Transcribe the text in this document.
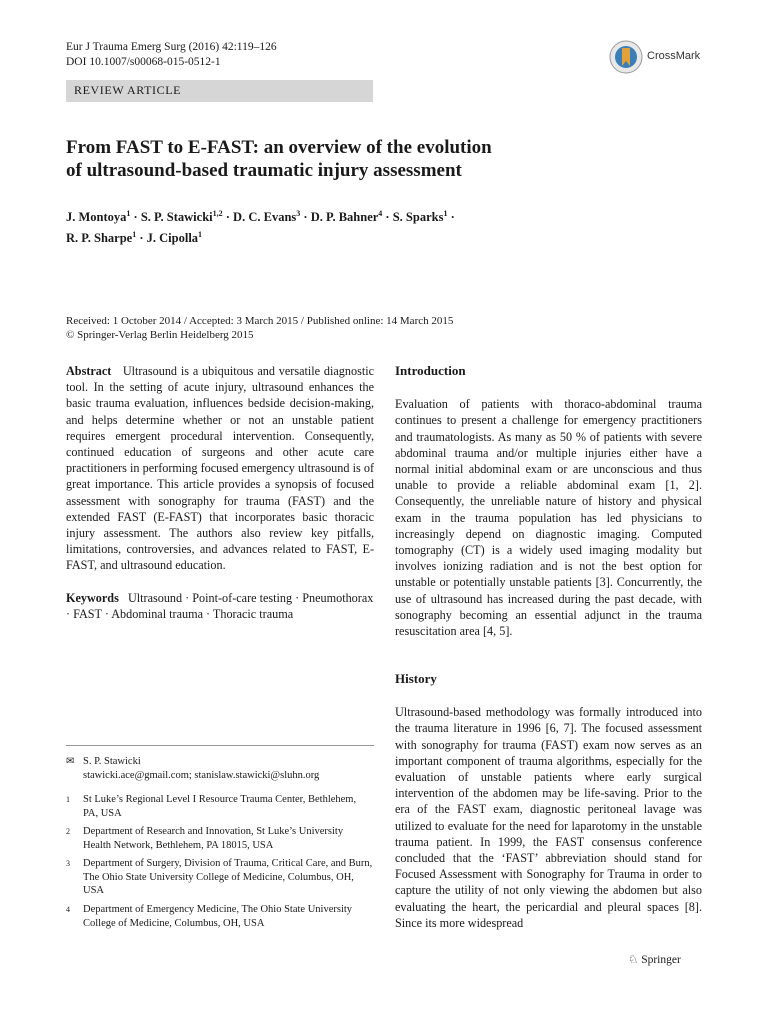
Eur J Trauma Emerg Surg (2016) 42:119–126
DOI 10.1007/s00068-015-0512-1	CrossMark
REVIEW ARTICLE
From FAST to E-FAST: an overview of the evolution
of ultrasound-based traumatic injury assessment
J. Montoya$^1$ · S. P. Stawicki$^{1,2}$ · D. C. Evans$^3$ · D. P. Bahner$^4$ · S. Sparks$^1$ ·
R. P. Sharpe$^1$ · J. Cipolla$^1$
Received: 1 October 2014 / Accepted: 3 March 2015 / Published online: 14 March 2015
© Springer-Verlag Berlin Heidelberg 2015

Abstract Ultrasound is a ubiquitous and versatile diagnostic tool. In the setting of acute injury, ultrasound enhances the basic trauma evaluation, influences bedside decision-making, and helps determine whether or not an unstable patient requires emergent procedural intervention. Consequently, continued education of surgeons and other acute care practitioners in performing focused emergency ultrasound is of great importance. This article provides a synopsis of focused assessment with sonography for trauma (FAST) and the extended FAST (E-FAST) that incorporates basic thoracic injury assessment. The authors also review key pitfalls, limitations, controversies, and advances related to FAST, E-FAST, and ultrasound education.

Keywords Ultrasound · Point-of-care testing · Pneumothorax · FAST · Abdominal trauma · Thoracic trauma

✉ S. P. Stawicki
stawicki.ace@gmail.com; stanislaw.stawicki@sluhn.org
1 St Luke’s Regional Level I Resource Trauma Center, Bethlehem, PA, USA
2 Department of Research and Innovation, St Luke’s University Health Network, Bethlehem, PA 18015, USA
3 Department of Surgery, Division of Trauma, Critical Care, and Burn, The Ohio State University College of Medicine, Columbus, OH, USA
4 Department of Emergency Medicine, The Ohio State University College of Medicine, Columbus, OH, USA
Introduction

Evaluation of patients with thoraco-abdominal trauma continues to present a challenge for emergency practitioners and traumatologists. As many as 50 % of patients with severe abdominal trauma and/or multiple injuries either have a normal initial abdominal exam or are unconscious and thus unable to provide a reliable abdominal exam [1, 2]. Consequently, the unreliable nature of history and physical exam in the trauma population has led physicians to increasingly depend on diagnostic imaging. Computed tomography (CT) is a widely used imaging modality but involves ionizing radiation and is not the best option for unstable or potentially unstable patients [3]. Concurrently, the use of ultrasound has increased during the past decade, with sonography becoming an essential adjunct in the trauma resuscitation area [4, 5].

History

Ultrasound-based methodology was formally introduced into the trauma literature in 1996 [6, 7]. The focused assessment with sonography for trauma (FAST) exam now serves as an important component of trauma algorithms, especially for the evaluation of unstable patients where early surgical intervention of the abdomen may be life-saving. Prior to the era of the FAST exam, diagnostic peritoneal lavage was utilized to evaluate for the need for laparotomy in the unstable trauma patient. In 1999, the FAST consensus conference concluded that the ‘FAST’ abbreviation should stand for Focused Assessment with Sonography for Trauma in order to capture the utility of not only viewing the abdomen but also evaluating the heart, the pericardial and pleural spaces [8]. Since its more widespread

♘ Springer
